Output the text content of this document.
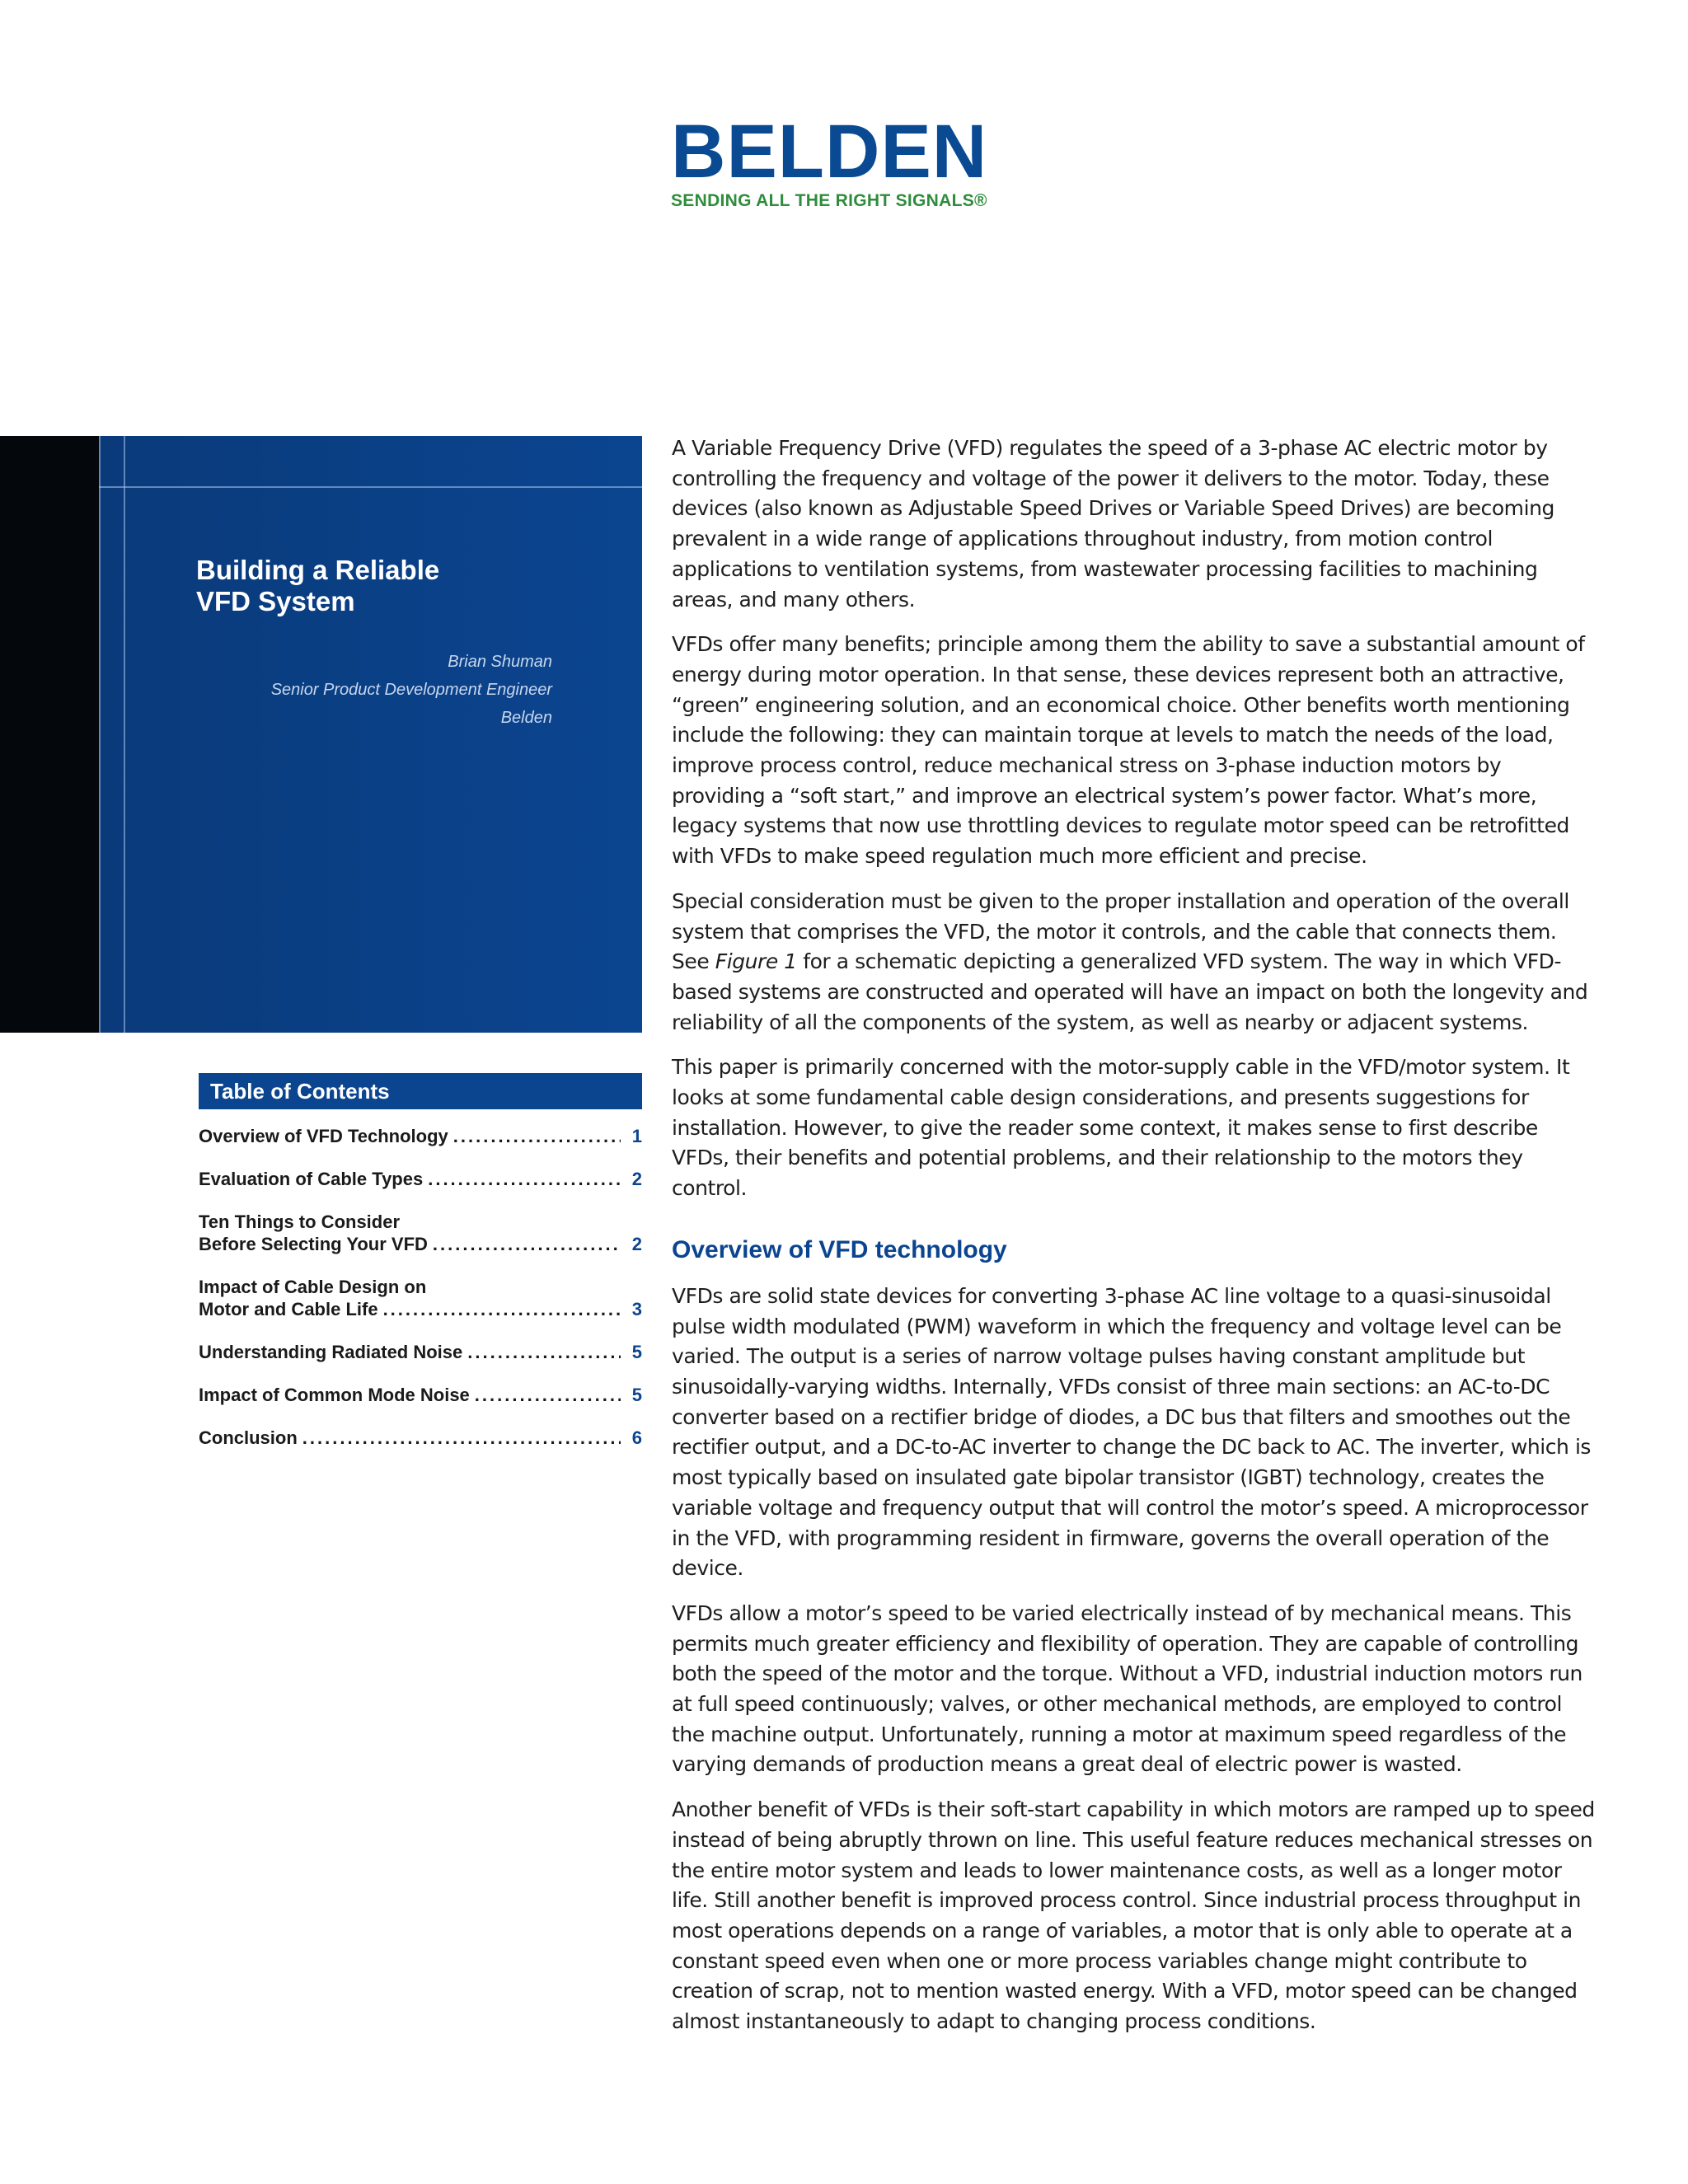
BELDEN
SENDING ALL THE RIGHT SIGNALS®
Building a Reliable
VFD System
Brian Shuman
Senior Product Development Engineer
Belden
Table of Contents
Overview of VFD Technology .....	1
Evaluation of Cable Types .....	2
Ten Things to Consider
Before Selecting Your VFD .....	2
Impact of Cable Design on
Motor and Cable Life .....	3
Understanding Radiated Noise .....	5
Impact of Common Mode Noise .....	5
Conclusion .....	6

A Variable Frequency Drive (VFD) regulates the speed of a 3-phase AC electric motor by controlling the frequency and voltage of the power it delivers to the motor. Today, these devices (also known as Adjustable Speed Drives or Variable Speed Drives) are becoming prevalent in a wide range of applications throughout industry, from motion control applications to ventilation systems, from wastewater processing facilities to machining areas, and many others.

VFDs offer many benefits; principle among them the ability to save a substantial amount of energy during motor operation. In that sense, these devices represent both an attractive, “green” engineering solution, and an economical choice. Other benefits worth mentioning include the following: they can maintain torque at levels to match the needs of the load, improve process control, reduce mechanical stress on 3-phase induction motors by providing a “soft start,” and improve an electrical system’s power factor. What’s more, legacy systems that now use throttling devices to regulate motor speed can be retrofitted with VFDs to make speed regulation much more efficient and precise.

Special consideration must be given to the proper installation and operation of the overall system that comprises the VFD, the motor it controls, and the cable that connects them. See Figure 1 for a schematic depicting a generalized VFD system. The way in which VFD-based systems are constructed and operated will have an impact on both the longevity and reliability of all the components of the system, as well as nearby or adjacent systems.

This paper is primarily concerned with the motor-supply cable in the VFD/motor system. It looks at some fundamental cable design considerations, and presents suggestions for installation. However, to give the reader some context, it makes sense to first describe VFDs, their benefits and potential problems, and their relationship to the motors they control.

Overview of VFD technology

VFDs are solid state devices for converting 3-phase AC line voltage to a quasi-sinusoidal pulse width modulated (PWM) waveform in which the frequency and voltage level can be varied. The output is a series of narrow voltage pulses having constant amplitude but sinusoidally-varying widths. Internally, VFDs consist of three main sections: an AC-to-DC converter based on a rectifier bridge of diodes, a DC bus that filters and smoothes out the rectifier output, and a DC-to-AC inverter to change the DC back to AC. The inverter, which is most typically based on insulated gate bipolar transistor (IGBT) technology, creates the variable voltage and frequency output that will control the motor’s speed. A microprocessor in the VFD, with programming resident in firmware, governs the overall operation of the device.

VFDs allow a motor’s speed to be varied electrically instead of by mechanical means. This permits much greater efficiency and flexibility of operation. They are capable of controlling both the speed of the motor and the torque. Without a VFD, industrial induction motors run at full speed continuously; valves, or other mechanical methods, are employed to control the machine output. Unfortunately, running a motor at maximum speed regardless of the varying demands of production means a great deal of electric power is wasted.

Another benefit of VFDs is their soft-start capability in which motors are ramped up to speed instead of being abruptly thrown on line. This useful feature reduces mechanical stresses on the entire motor system and leads to lower maintenance costs, as well as a longer motor life. Still another benefit is improved process control. Since industrial process throughput in most operations depends on a range of variables, a motor that is only able to operate at a constant speed even when one or more process variables change might contribute to creation of scrap, not to mention wasted energy. With a VFD, motor speed can be changed almost instantaneously to adapt to changing process conditions.
